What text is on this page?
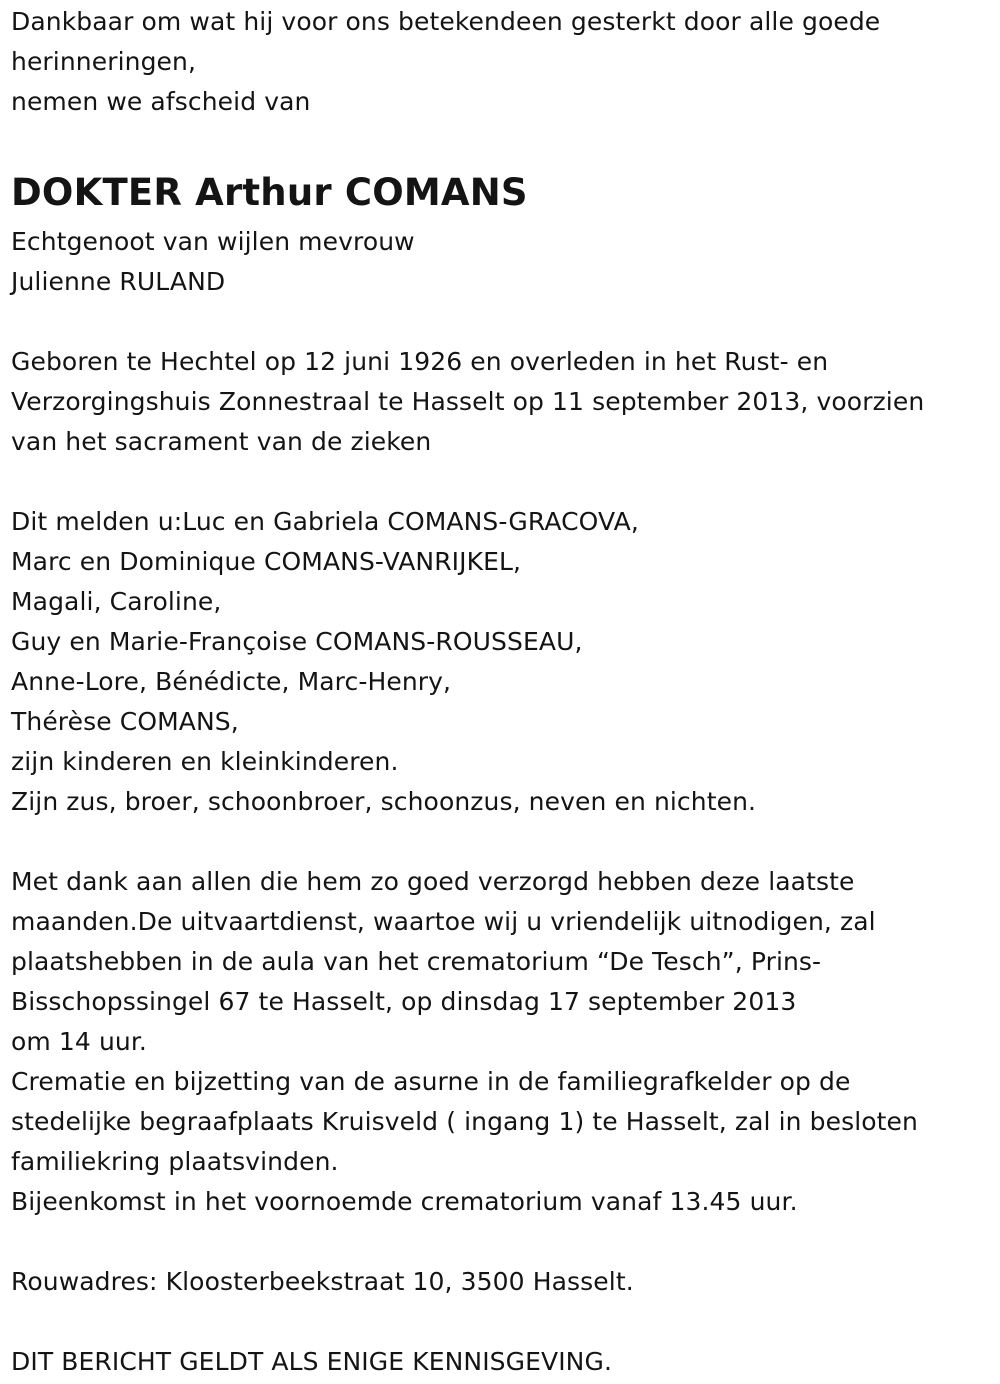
Dankbaar om wat hij voor ons betekendeen gesterkt door alle goede
herinneringen,
nemen we afscheid van
DOKTER Arthur COMANS
Echtgenoot van wijlen mevrouw
Julienne RULAND
Geboren te Hechtel op 12 juni 1926 en overleden in het Rust- en
Verzorgingshuis Zonnestraal te Hasselt op 11 september 2013, voorzien
van het sacrament van de zieken
Dit melden u:Luc en Gabriela COMANS-GRACOVA,
Marc en Dominique COMANS-VANRIJKEL,
Magali, Caroline,
Guy en Marie-Françoise COMANS-ROUSSEAU,
Anne-Lore, Bénédicte, Marc-Henry,
Thérèse COMANS,
zijn kinderen en kleinkinderen.
Zijn zus, broer, schoonbroer, schoonzus, neven en nichten.
Met dank aan allen die hem zo goed verzorgd hebben deze laatste
maanden.De uitvaartdienst, waartoe wij u vriendelijk uitnodigen, zal
plaatshebben in de aula van het crematorium “De Tesch”, Prins-
Bisschopssingel 67 te Hasselt, op dinsdag 17 september 2013
om 14 uur.
Crematie en bijzetting van de asurne in de familiegrafkelder op de
stedelijke begraafplaats Kruisveld ( ingang 1) te Hasselt, zal in besloten
familiekring plaatsvinden.
Bijeenkomst in het voornoemde crematorium vanaf 13.45 uur.
Rouwadres: Kloosterbeekstraat 10, 3500 Hasselt.
DIT BERICHT GELDT ALS ENIGE KENNISGEVING.
